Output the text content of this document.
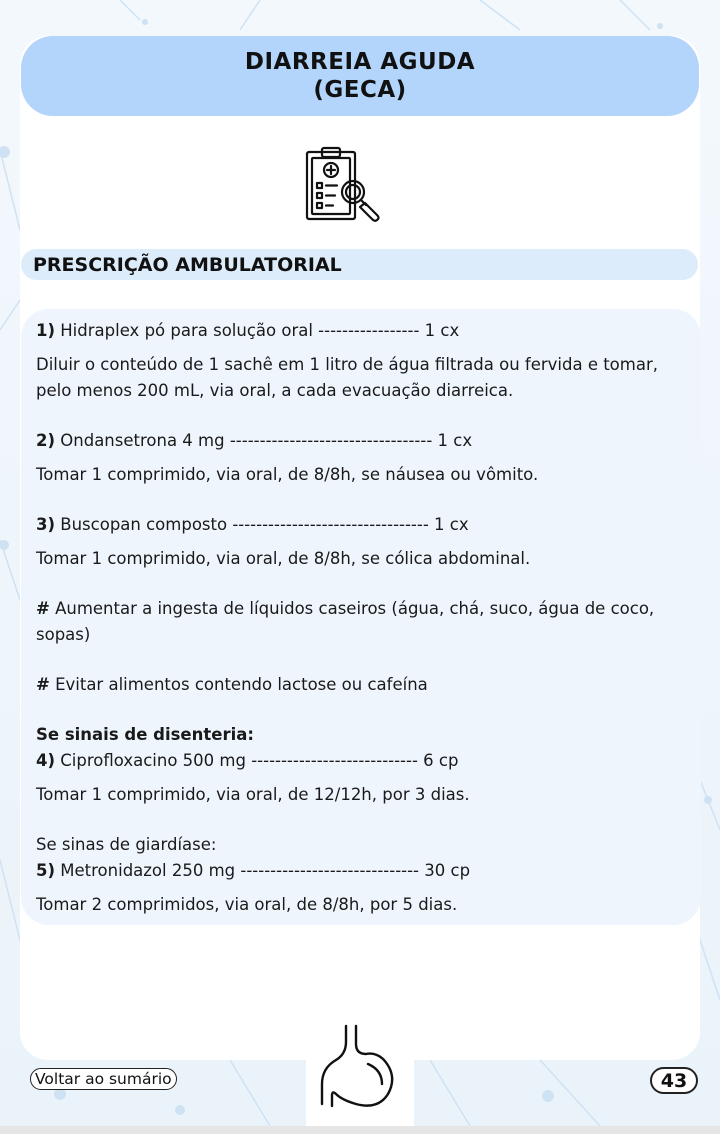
DIARREIA AGUDA
(GECA)
PRESCRIÇÃO AMBULATORIAL

1) Hidraplex pó para solução oral ----------------- 1 cx

Diluir o conteúdo de 1 sachê em 1 litro de água filtrada ou fervida e tomar, pelo menos 200 mL, via oral, a cada evacuação diarreica.

2) Ondansetrona 4 mg ---------------------------------- 1 cx

Tomar 1 comprimido, via oral, de 8/8h, se náusea ou vômito.

3) Buscopan composto --------------------------------- 1 cx

Tomar 1 comprimido, via oral, de 8/8h, se cólica abdominal.

# Aumentar a ingesta de líquidos caseiros (água, chá, suco, água de coco, sopas)

# Evitar alimentos contendo lactose ou cafeína

Se sinais de disenteria:

4) Ciprofloxacino 500 mg ---------------------------- 6 cp

Tomar 1 comprimido, via oral, de 12/12h, por 3 dias.

Se sinas de giardíase:

5) Metronidazol 250 mg ------------------------------ 30 cp

Tomar 2 comprimidos, via oral, de 8/8h, por 5 dias.

Voltar ao sumário	43
